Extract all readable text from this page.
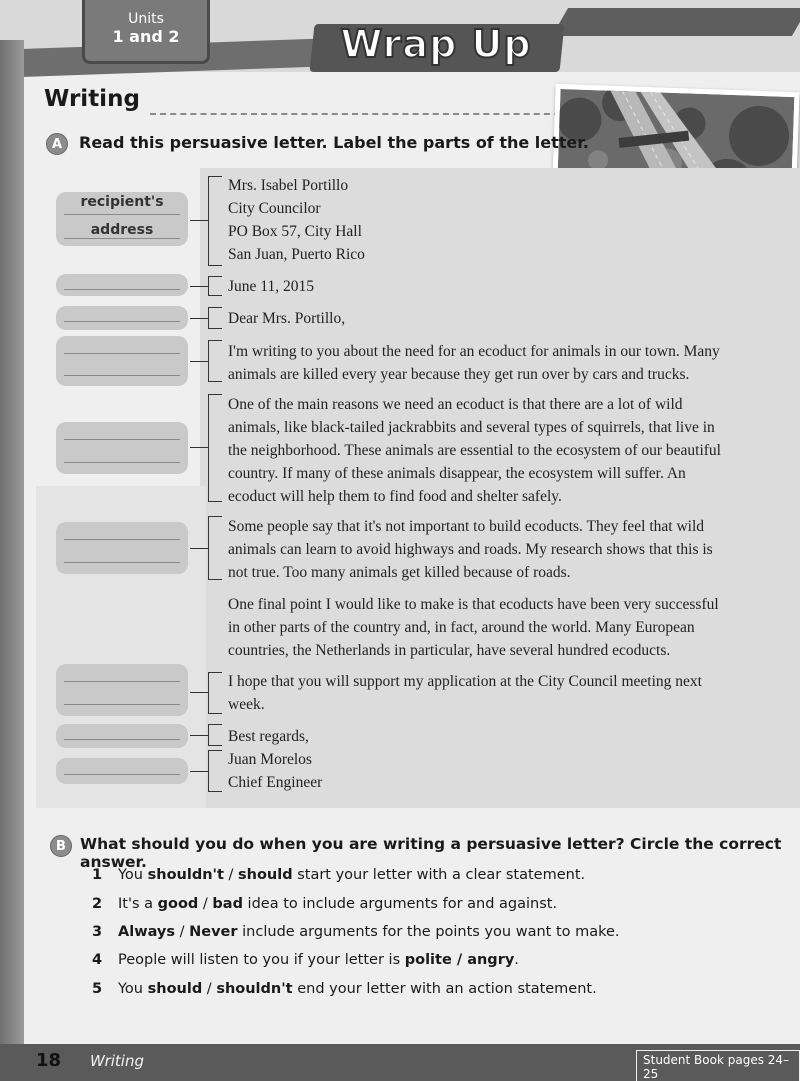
Units
1 and 2	Wrap Up
Writing
A	Read this persuasive letter. Label the parts of the letter.
recipient's
address
Mrs. Isabel Portillo
City Councilor
PO Box 57, City Hall
San Juan, Puerto Rico
June 11, 2015
Dear Mrs. Portillo,
I'm writing to you about the need for an ecoduct for animals in our town. Many
animals are killed every year because they get run over by cars and trucks.
One of the main reasons we need an ecoduct is that there are a lot of wild
animals, like black-tailed jackrabbits and several types of squirrels, that live in
the neighborhood. These animals are essential to the ecosystem of our beautiful
country. If many of these animals disappear, the ecosystem will suffer. An
ecoduct will help them to find food and shelter safely.
Some people say that it's not important to build ecoducts. They feel that wild
animals can learn to avoid highways and roads. My research shows that this is
not true. Too many animals get killed because of roads.
One final point I would like to make is that ecoducts have been very successful
in other parts of the country and, in fact, around the world. Many European
countries, the Netherlands in particular, have several hundred ecoducts.
I hope that you will support my application at the City Council meeting next
week.
Best regards,
Juan Morelos
Chief Engineer
B What should you do when you are writing a persuasive letter? Circle the correct answer.
1 You shouldn't / should start your letter with a clear statement.
2 It's a good / bad idea to include arguments for and against.
3 Always / Never include arguments for the points you want to make.
4 People will listen to you if your letter is polite / angry.
5 You should / shouldn't end your letter with an action statement.
18 Writing	Student Book pages 24–25
